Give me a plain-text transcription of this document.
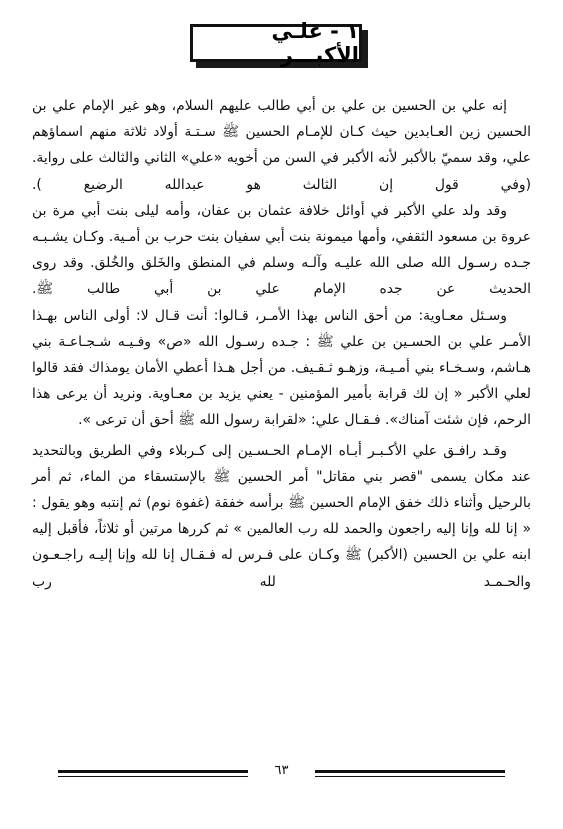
١ - علـي الأكبـــر

إنه علي بن الحسين بن علي بن أبي طالب عليهم السلام، وهو غير الإمام علي بن الحسين زين العـابدين حيث كـان للإمـام الحسين ﷺ سـتـة أولاد ثلاثة منهم اسماؤهم علي، وقد سميّ بالأكبر لأنه الأكبر في السن من أخويه «علي» الثاني والثالث على رواية. (وفي قول إن الثالث هو عبدالله الرضيع ).

وقد ولد علي الأكبر في أوائل خلافة عثمان بن عفان، وأمه ليلى بنت أبي مرة بن عروة بن مسعود الثقفي، وأمها ميمونة بنت أبي سفيان بنت حرب بن أمـية. وكـان يشـبـه جـده رسـول الله صلى الله عليـه وآلـه وسلم في المنطق والخَلق والخُلق. وقد روى الحديث عن جده الإمام علي بن أبي طالب ﷺ.

وسـئل معـاوية: من أحق الناس بهذا الأمـر، قـالوا: أنت قـال لا: أولى الناس بهـذا الأمـر علي بن الحسـين بن علي ﷺ : جـده رسـول الله «ص» وفـيـه شـجـاعـة بني هـاشم، وسـخـاء بني أمـيـة، وزهـو ثـقـيف. من أجل هـذا أعطي الأمان يومذاك فقد قالوا لعلي الأكبر « إن لك قرابة بأمير المؤمنين - يعني يزيد بن معـاوية. ونريد أن يرعى هذا الرحم، فإن شئت آمناك». فـقـال علي: «لقرابة رسول الله ﷺ أحق أن ترعى ».

وقـد رافـق علي الأكـبـر أبـاه الإمـام الحـسـين إلى كـربلاء وفي الطريق وبالتحديد عند مكان يسمى "قصر بني مقاتل" أمر الحسين ﷺ بالإستسقاء من الماء، ثم أمر بالرحيل وأثناء ذلك خفق الإمام الحسين ﷺ برأسه خفقة (غفوة نوم) ثم إنتبه وهو يقول : « إنا لله وإنا إليه راجعون والحمد لله رب العالمين » ثم كررها مرتين أو ثلاثاً، فأقبل إليه ابنه علي بن الحسين (الأكبر) ﷺ وكـان على فـرس له فـقـال إنا لله وإنا إليـه راجـعـون والحـمـد لله رب

٦٣
